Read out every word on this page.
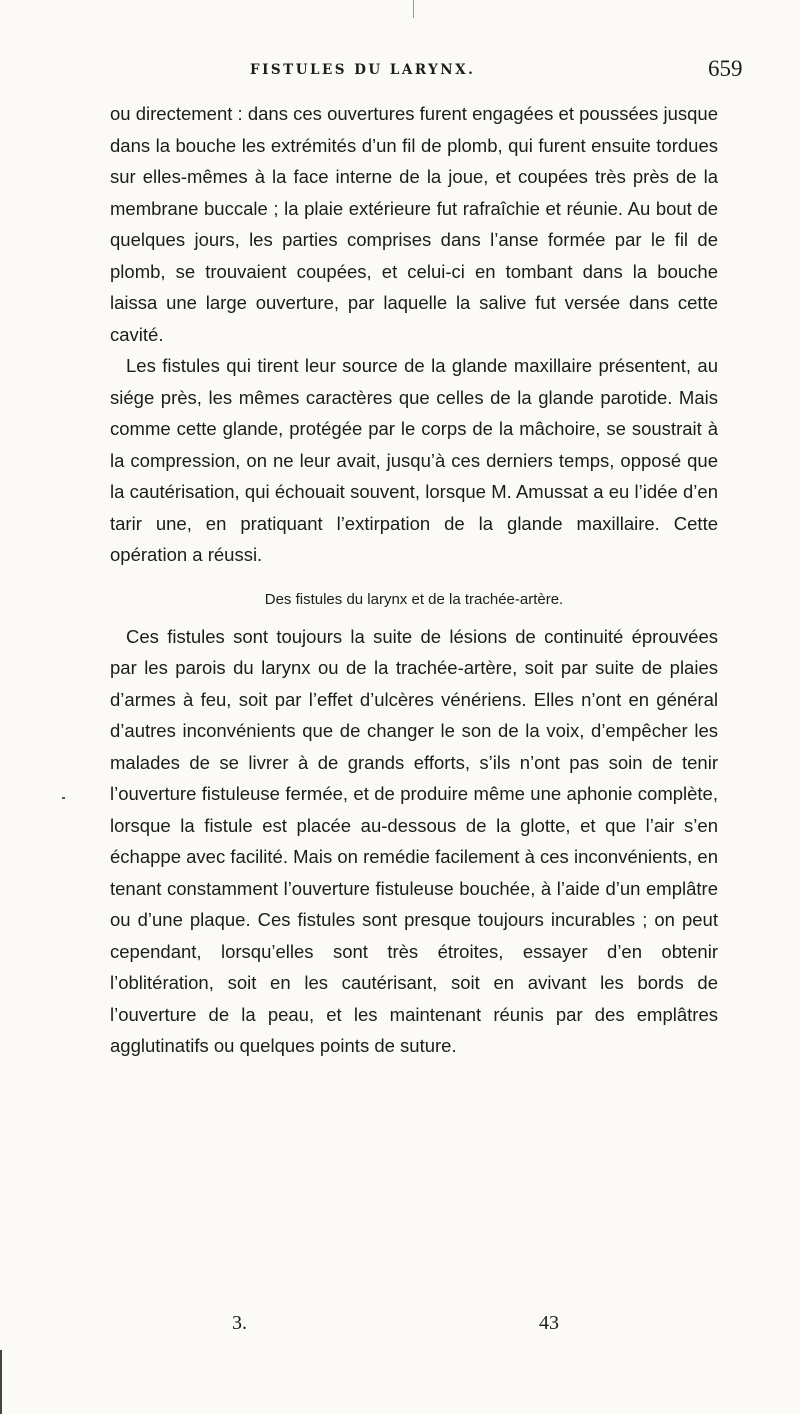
FISTULES DU LARYNX.	659

ou directement : dans ces ouvertures furent engagées et poussées jusque dans la bouche les extrémités d’un fil de plomb, qui furent ensuite tordues sur elles-mêmes à la face interne de la joue, et coupées très près de la membrane buccale ; la plaie extérieure fut rafraîchie et réunie. Au bout de quelques jours, les parties comprises dans l’anse formée par le fil de plomb, se trouvaient coupées, et celui-ci en tombant dans la bouche laissa une large ouverture, par laquelle la salive fut versée dans cette cavité.

Les fistules qui tirent leur source de la glande maxillaire présentent, au siége près, les mêmes caractères que celles de la glande parotide. Mais comme cette glande, protégée par le corps de la mâchoire, se soustrait à la compression, on ne leur avait, jusqu’à ces derniers temps, opposé que la cautérisation, qui échouait souvent, lorsque M. Amussat a eu l’idée d’en tarir une, en pratiquant l’extirpation de la glande maxillaire. Cette opération a réussi.

Des fistules du larynx et de la trachée-artère.

Ces fistules sont toujours la suite de lésions de continuité éprouvées par les parois du larynx ou de la trachée-artère, soit par suite de plaies d’armes à feu, soit par l’effet d’ulcères vénériens. Elles n’ont en général d’autres inconvénients que de changer le son de la voix, d’empêcher les malades de se livrer à de grands efforts, s’ils n’ont pas soin de tenir l’ouverture fistuleuse fermée, et de produire même une aphonie complète, lorsque la fistule est placée au-dessous de la glotte, et que l’air s’en échappe avec facilité. Mais on remédie facilement à ces inconvénients, en tenant constamment l’ouverture fistuleuse bouchée, à l’aide d’un emplâtre ou d’une plaque. Ces fistules sont presque toujours incurables ; on peut cependant, lorsqu’elles sont très étroites, essayer d’en obtenir l’oblitération, soit en les cautérisant, soit en avivant les bords de l’ouverture de la peau, et les maintenant réunis par des emplâtres agglutinatifs ou quelques points de suture.

3.	43
